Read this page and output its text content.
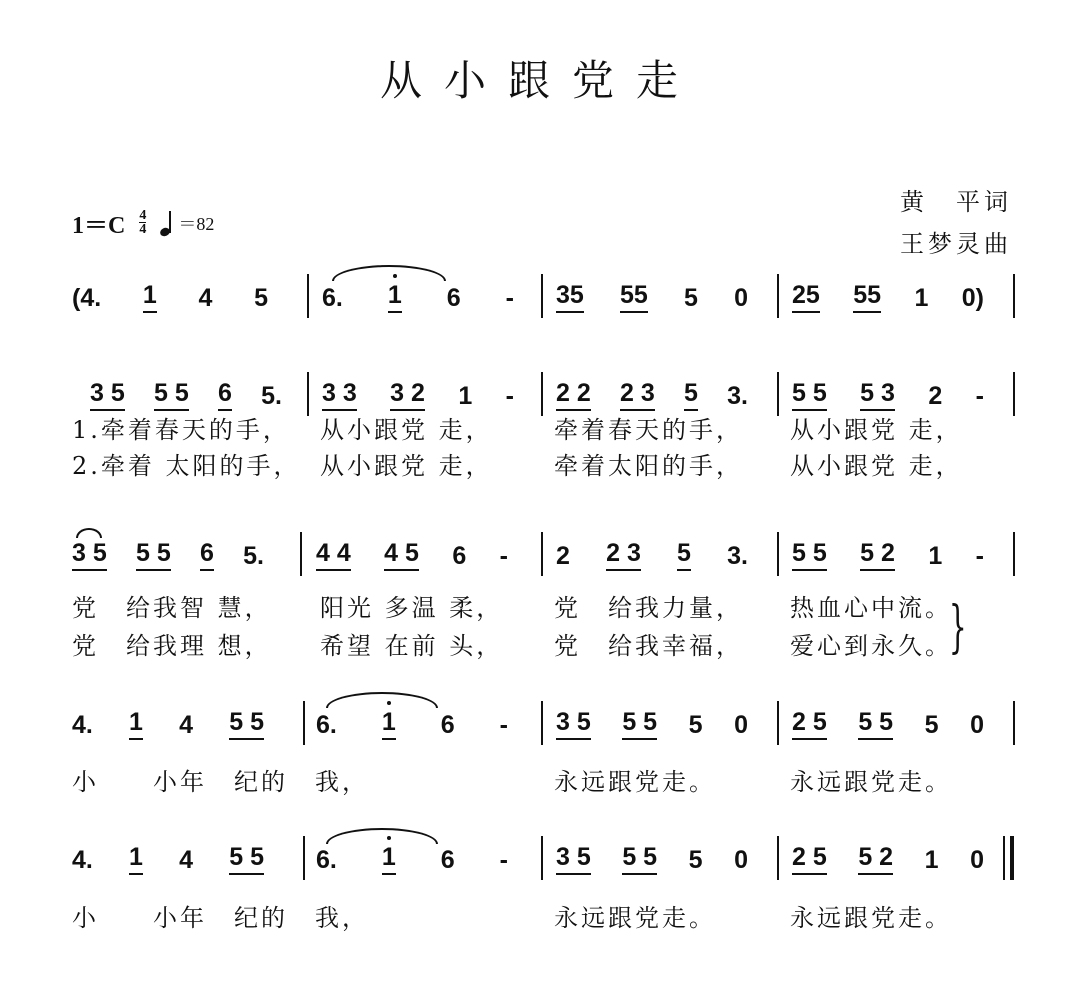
从小跟党走
黄　平词
王梦灵曲
$1=C \frac{4}{4} =82$
(4. 1 4 5 6. 1 6 - 35 55 5 0 25 55 1 0)
3 5 5 5 6 5. 3 3 3 2 1 - 2 2 2 3 5 3. 5 5 5 3 2 -
1.牵着春天的手， 从小跟党 走，	牵着春天的手， 从小跟党 走，
2.牵着 太阳的手， 从小跟党 走，	牵着太阳的手， 从小跟党 走，
3 5 5 5 6 5. 4 4 4 5 6 - 2 2 3 5 3. 5 5 5 2 1 -
党　给我智 慧， 阳光 多温 柔， 党　给我力量， 热血心中流。
党　给我理 想， 希望 在前 头， 党　给我幸福， 爱心到永久。
4. 1 4 5 5 6. 1 6 - 3 5 5 5 5 0 2 5 5 5 5 0
小　　小年　纪的　我，	永远跟党走。	永远跟党走。
4. 1 4 5 5 6. 1 6 - 3 5 5 5 5 0 2 5 5 2 1 0
小　　小年　纪的　我，	永远跟党走。	永远跟党走。
}
